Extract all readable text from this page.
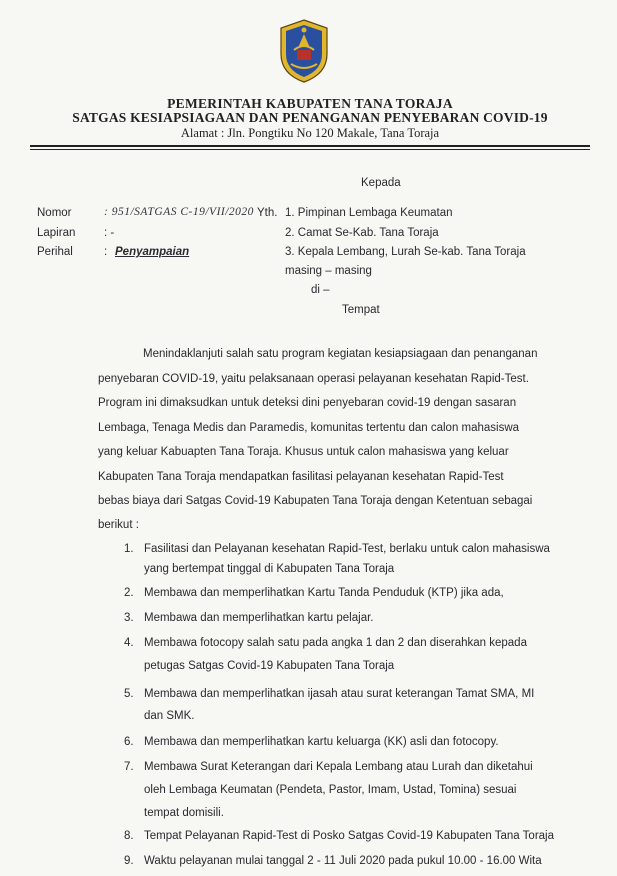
PEMERINTAH KABUPATEN TANA TORAJA
SATGAS KESIAPSIAGAAN DAN PENANGANAN PENYEBARAN COVID-19
Alamat : Jln. Pongtiku No 120 Makale, Tana Toraja
Kepada
Nomor	: 951/SATGAS C-19/VII/2020 Yth.
Lapiran : -
Perihal	: Penyampaian
1. Pimpinan Lembaga Keumatan
2. Camat Se-Kab. Tana Toraja
3. Kepala Lembang, Lurah Se-kab. Tana Toraja
masing – masing
di –
Tempat
Menindaklanjuti salah satu program kegiatan kesiapsiagaan dan penanganan
penyebaran COVID-19, yaitu pelaksanaan operasi pelayanan kesehatan Rapid-Test.
Program ini dimaksudkan untuk deteksi dini penyebaran covid-19 dengan sasaran
Lembaga, Tenaga Medis dan Paramedis, komunitas tertentu dan calon mahasiswa
yang keluar Kabuapten Tana Toraja. Khusus untuk calon mahasiswa yang keluar
Kabupaten Tana Toraja mendapatkan fasilitasi pelayanan kesehatan Rapid-Test
bebas biaya dari Satgas Covid-19 Kabupaten Tana Toraja dengan Ketentuan sebagai
berikut :
1. Fasilitasi dan Pelayanan kesehatan Rapid-Test, berlaku untuk calon mahasiswa
yang bertempat tinggal di Kabupaten Tana Toraja
2. Membawa dan memperlihatkan Kartu Tanda Penduduk (KTP) jika ada,
3. Membawa dan memperlihatkan kartu pelajar.
4. Membawa fotocopy salah satu pada angka 1 dan 2 dan diserahkan kepada
petugas Satgas Covid-19 Kabupaten Tana Toraja
5. Membawa dan memperlihatkan ijasah atau surat keterangan Tamat SMA, MI
dan SMK.
6. Membawa dan memperlihatkan kartu keluarga (KK) asli dan fotocopy.
7. Membawa Surat Keterangan dari Kepala Lembang atau Lurah dan diketahui
oleh Lembaga Keumatan (Pendeta, Pastor, Imam, Ustad, Tomina) sesuai
tempat domisili.
8. Tempat Pelayanan Rapid-Test di Posko Satgas Covid-19 Kabupaten Tana Toraja
9. Waktu pelayanan mulai tanggal 2 - 11 Juli 2020 pada pukul 10.00 - 16.00 Wita
